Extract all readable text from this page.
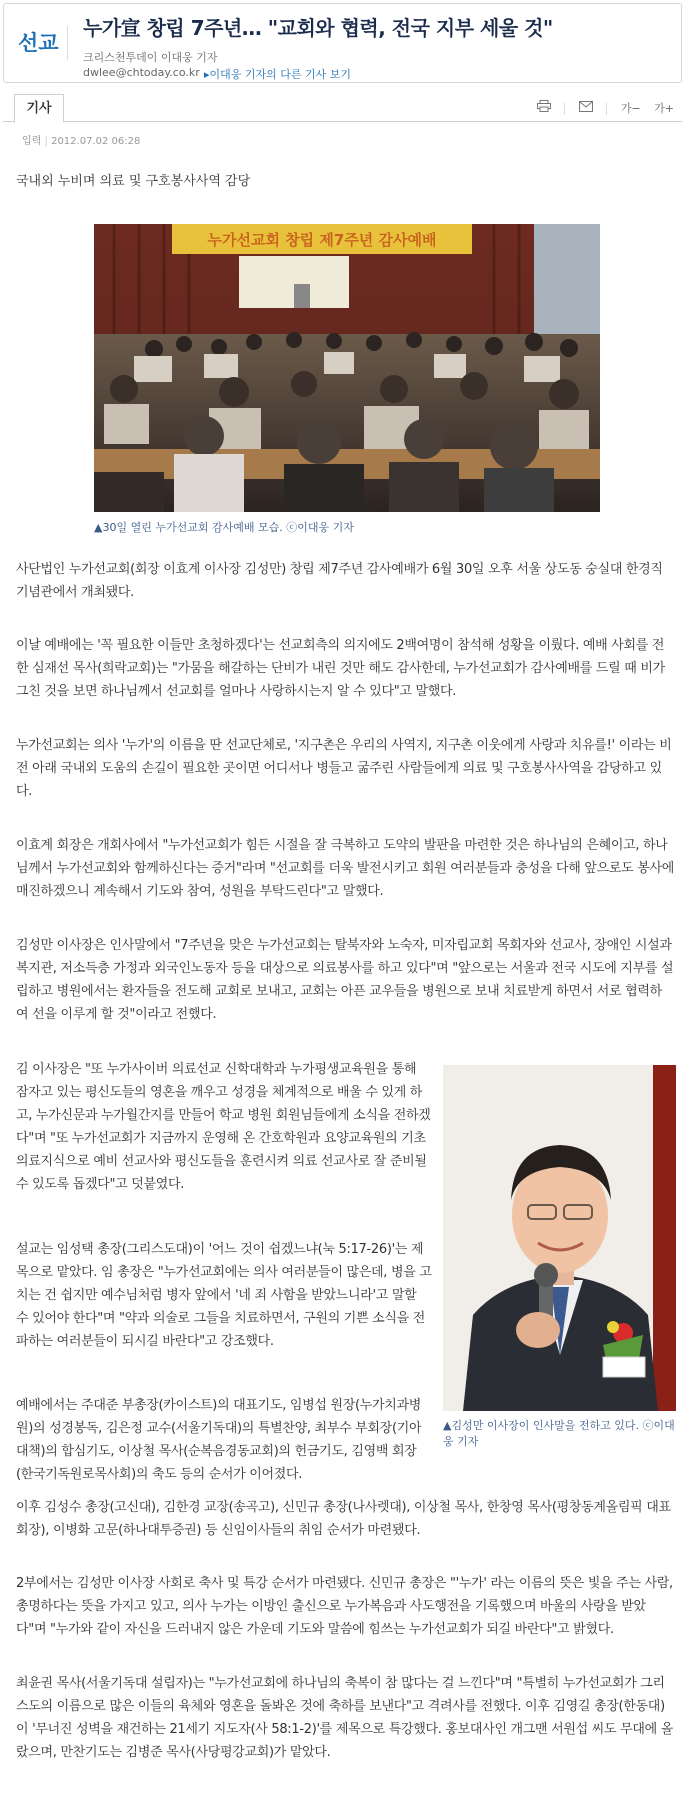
선교
누가宣 창립 7주년… "교회와 협력, 전국 지부 세울 것"
크리스천투데이 이대웅 기자
dwlee@chtoday.co.kr ▸이대웅 기자의 다른 기사 보기
기사	가− 가+
입력 | 2012.07.02 06:28
국내외 누비며 의료 및 구호봉사사역 감당
누가선교회 창립 제7주년 감사예배
▲30일 열린 누가선교회 감사예배 모습. ⓒ이대웅 기자

사단법인 누가선교회(회장 이효계 이사장 김성만) 창립 제7주년 감사예배가 6월 30일 오후 서울 상도동 숭실대 한경직기념관에서 개최됐다.

이날 예배에는 '꼭 필요한 이들만 초청하겠다'는 선교회측의 의지에도 2백여명이 참석해 성황을 이뤘다. 예배 사회를 전한 심재선 목사(희락교회)는 "가뭄을 해갈하는 단비가 내린 것만 해도 감사한데, 누가선교회가 감사예배를 드릴 때 비가 그친 것을 보면 하나님께서 선교회를 얼마나 사랑하시는지 알 수 있다"고 말했다.

누가선교회는 의사 '누가'의 이름을 딴 선교단체로, '지구촌은 우리의 사역지, 지구촌 이웃에게 사랑과 치유를!' 이라는 비전 아래 국내외 도움의 손길이 필요한 곳이면 어디서나 병들고 굶주린 사람들에게 의료 및 구호봉사사역을 감당하고 있다.

이효계 회장은 개회사에서 "누가선교회가 힘든 시절을 잘 극복하고 도약의 발판을 마련한 것은 하나님의 은혜이고, 하나님께서 누가선교회와 함께하신다는 증거"라며 "선교회를 더욱 발전시키고 회원 여러분들과 충성을 다해 앞으로도 봉사에 매진하겠으니 계속해서 기도와 참여, 성원을 부탁드린다"고 말했다.

김성만 이사장은 인사말에서 "7주년을 맞은 누가선교회는 탈북자와 노숙자, 미자립교회 목회자와 선교사, 장애인 시설과 복지관, 저소득층 가정과 외국인노동자 등을 대상으로 의료봉사를 하고 있다"며 "앞으로는 서울과 전국 시도에 지부를 설립하고 병원에서는 환자들을 전도해 교회로 보내고, 교회는 아픈 교우들을 병원으로 보내 치료받게 하면서 서로 협력하여 선을 이루게 할 것"이라고 전했다.

김 이사장은 "또 누가사이버 의료선교 신학대학과 누가평생교육원을 통해 잠자고 있는 평신도들의 영혼을 깨우고 성경을 체계적으로 배울 수 있게 하고, 누가신문과 누가월간지를 만들어 학교 병원 회원님들에게 소식을 전하겠다"며 "또 누가선교회가 지금까지 운영해 온 간호학원과 요양교육원의 기초 의료지식으로 예비 선교사와 평신도들을 훈련시켜 의료 선교사로 잘 준비될 수 있도록 돕겠다"고 덧붙였다.

설교는 임성택 총장(그리스도대)이 '어느 것이 쉽겠느냐(눅 5:17-26)'는 제목으로 맡았다. 임 총장은 "누가선교회에는 의사 여러분들이 많은데, 병을 고치는 건 쉽지만 예수님처럼 병자 앞에서 '네 죄 사함을 받았느니라'고 말할 수 있어야 한다"며 "약과 의술로 그들을 치료하면서, 구원의 기쁜 소식을 전파하는 여러분들이 되시길 바란다"고 강조했다.

예배에서는 주대준 부총장(카이스트)의 대표기도, 임병섭 원장(누가치과병원)의 성경봉독, 김은정 교수(서울기독대)의 특별찬양, 최부수 부회장(기아대책)의 합심기도, 이상철 목사(순복음경동교회)의 헌금기도, 김영백 회장(한국기독원로목사회)의 축도 등의 순서가 이어졌다.

▲김성만 이사장이 인사말을 전하고 있다. ⓒ이대웅 기자

이후 김성수 총장(고신대), 김한경 교장(송곡고), 신민규 총장(나사렛대), 이상철 목사, 한창영 목사(평창동계올림픽 대표회장), 이병화 고문(하나대투증권) 등 신임이사들의 취임 순서가 마련됐다.

2부에서는 김성만 이사장 사회로 축사 및 특강 순서가 마련됐다. 신민규 총장은 "'누가' 라는 이름의 뜻은 빛을 주는 사람, 총명하다는 뜻을 가지고 있고, 의사 누가는 이방인 출신으로 누가복음과 사도행전을 기록했으며 바울의 사랑을 받았다"며 "누가와 같이 자신을 드러내지 않은 가운데 기도와 말씀에 힘쓰는 누가선교회가 되길 바란다"고 밝혔다.

최윤권 목사(서울기독대 설립자)는 "누가선교회에 하나님의 축복이 참 많다는 걸 느낀다"며 "특별히 누가선교회가 그리스도의 이름으로 많은 이들의 육체와 영혼을 돌봐온 것에 축하를 보낸다"고 격려사를 전했다. 이후 김영길 총장(한동대)이 '무너진 성벽을 재건하는 21세기 지도자(사 58:1-2)'를 제목으로 특강했다. 홍보대사인 개그맨 서원섭 씨도 무대에 올랐으며, 만찬기도는 김병준 목사(사당평강교회)가 맡았다.
